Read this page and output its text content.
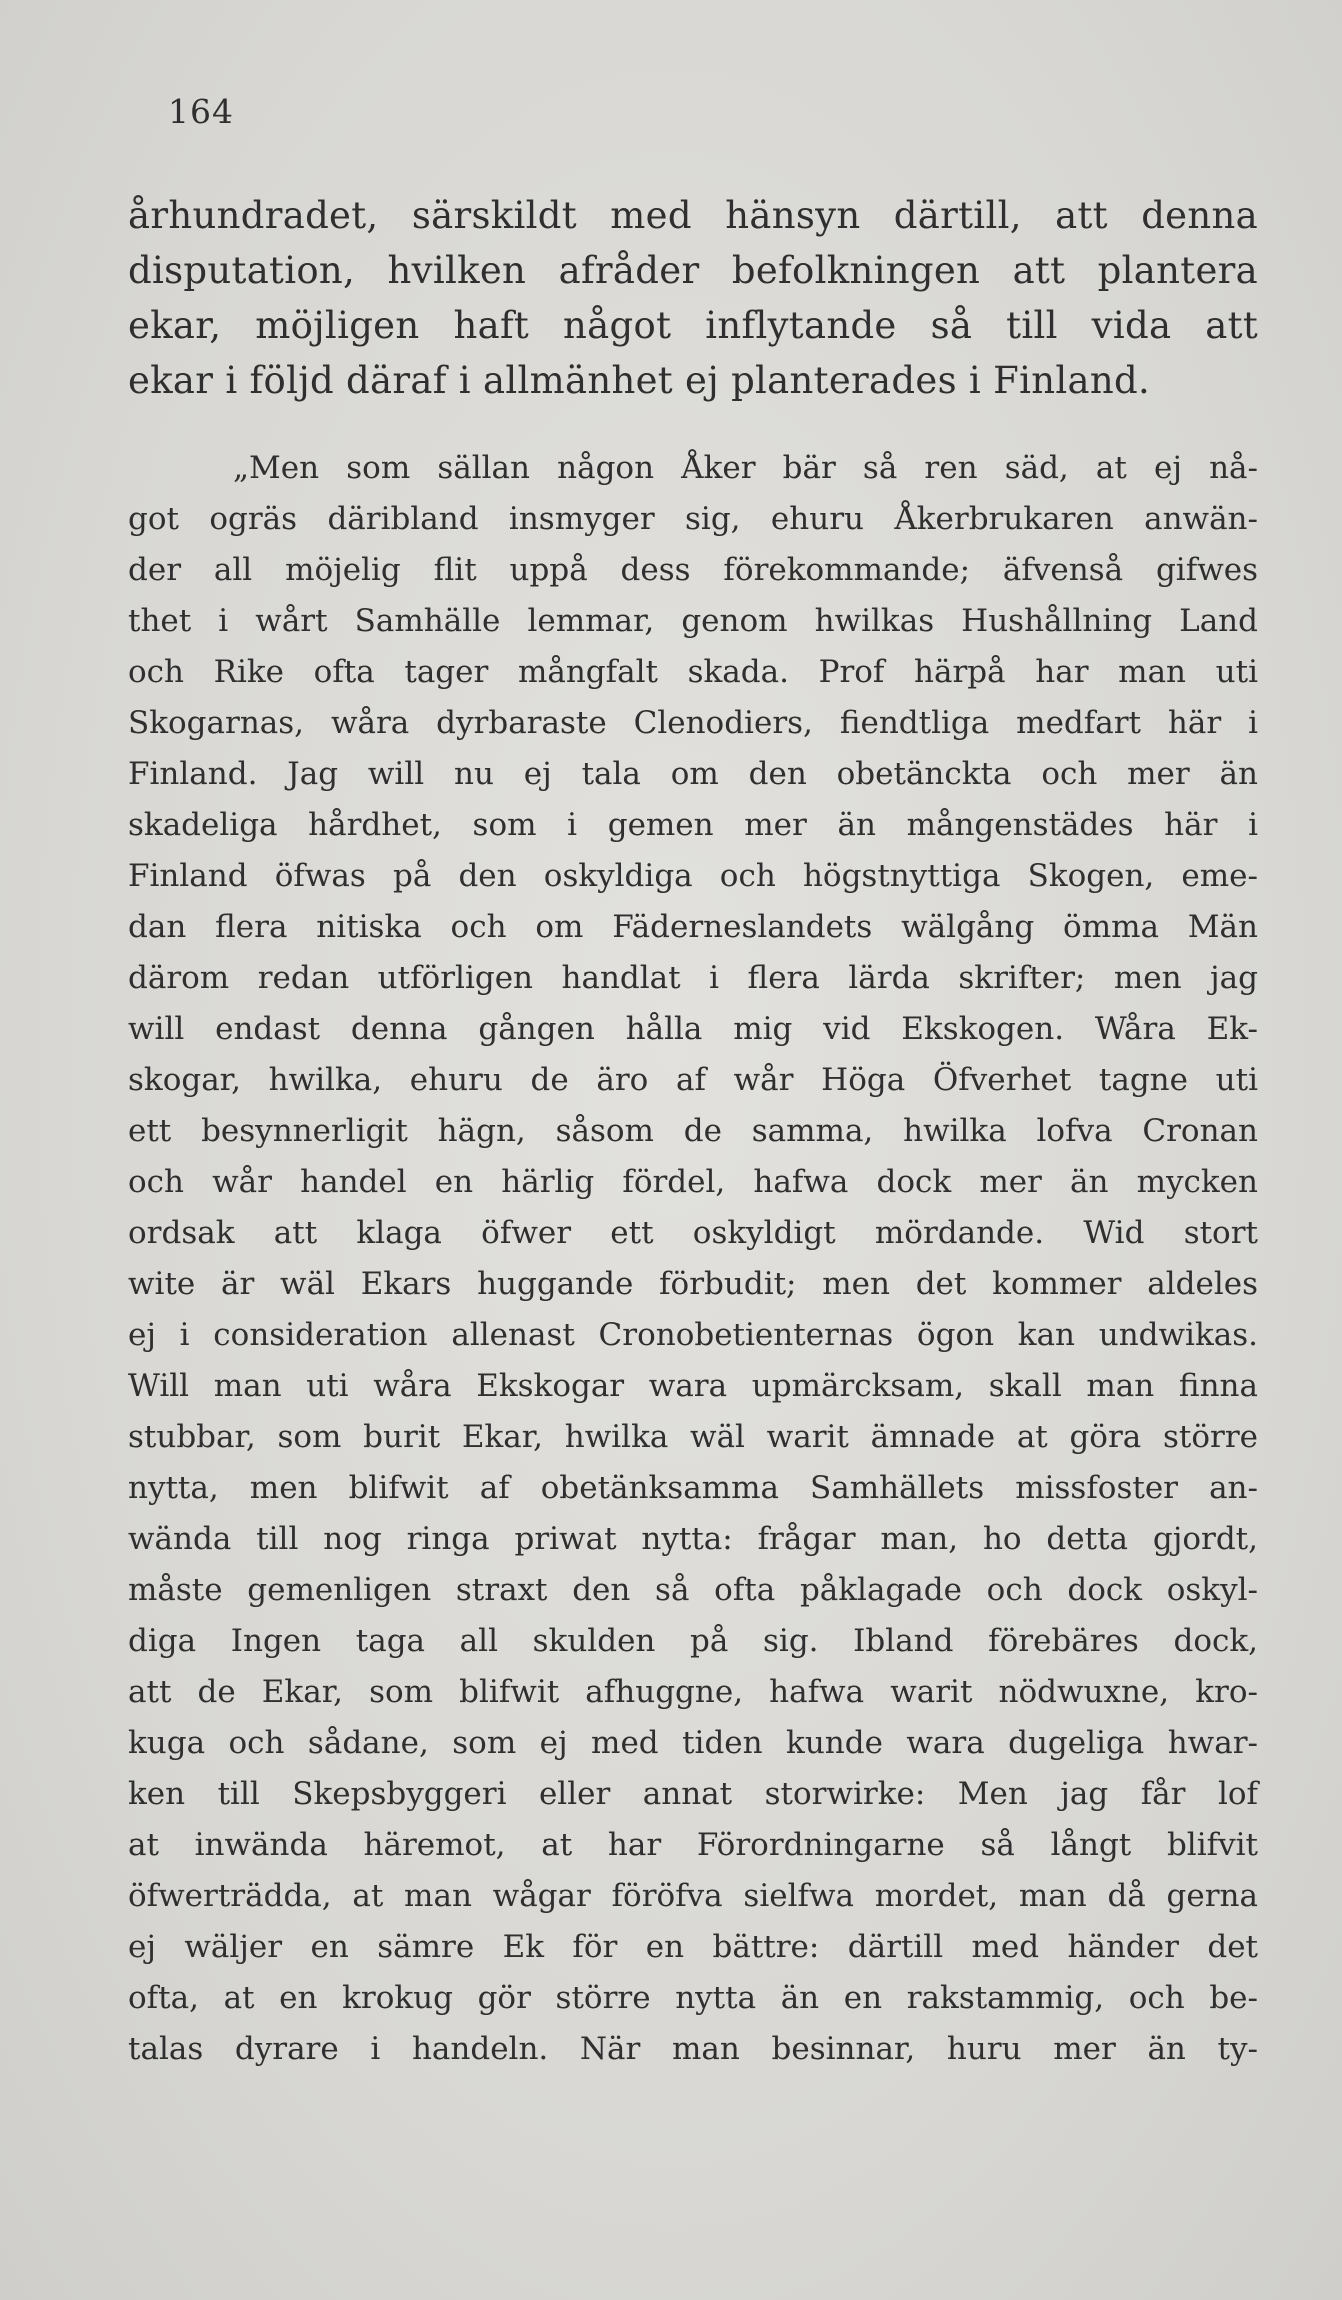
164
århundradet, särskildt med hänsyn därtill, att denna
disputation, hvilken afråder befolkningen att plantera
ekar, möjligen haft något inflytande så till vida att
ekar i följd däraf i allmänhet ej planterades i Finland.
„Men som sällan någon Åker bär så ren säd, at ej nå-
got ogräs däribland insmyger sig, ehuru Åkerbrukaren anwän-
der all möjelig flit uppå dess förekommande; äfvenså gifwes
thet i wårt Samhälle lemmar, genom hwilkas Hushållning Land
och Rike ofta tager mångfalt skada. Prof härpå har man uti
Skogarnas, wåra dyrbaraste Clenodiers, fiendtliga medfart här i
Finland. Jag will nu ej tala om den obetänckta och mer än
skadeliga hårdhet, som i gemen mer än mångenstädes här i
Finland öfwas på den oskyldiga och högstnyttiga Skogen, eme-
dan flera nitiska och om Fäderneslandets wälgång ömma Män
därom redan utförligen handlat i flera lärda skrifter; men jag
will endast denna gången hålla mig vid Ekskogen. Wåra Ek-
skogar, hwilka, ehuru de äro af wår Höga Öfverhet tagne uti
ett besynnerligit hägn, såsom de samma, hwilka lofva Cronan
och wår handel en härlig fördel, hafwa dock mer än mycken
ordsak att klaga öfwer ett oskyldigt mördande. Wid stort
wite är wäl Ekars huggande förbudit; men det kommer aldeles
ej i consideration allenast Cronobetienternas ögon kan undwikas.
Will man uti wåra Ekskogar wara upmärcksam, skall man finna
stubbar, som burit Ekar, hwilka wäl warit ämnade at göra större
nytta, men blifwit af obetänksamma Samhällets missfoster an-
wända till nog ringa priwat nytta: frågar man, ho detta gjordt,
måste gemenligen straxt den så ofta påklagade och dock oskyl-
diga Ingen taga all skulden på sig. Ibland förebäres dock,
att de Ekar, som blifwit afhuggne, hafwa warit nödwuxne, kro-
kuga och sådane, som ej med tiden kunde wara dugeliga hwar-
ken till Skepsbyggeri eller annat storwirke: Men jag får lof
at inwända häremot, at har Förordningarne så långt blifvit
öfwerträdda, at man wågar föröfva sielfwa mordet, man då gerna
ej wäljer en sämre Ek för en bättre: därtill med händer det
ofta, at en krokug gör större nytta än en rakstammig, och be-
talas dyrare i handeln. När man besinnar, huru mer än ty-
